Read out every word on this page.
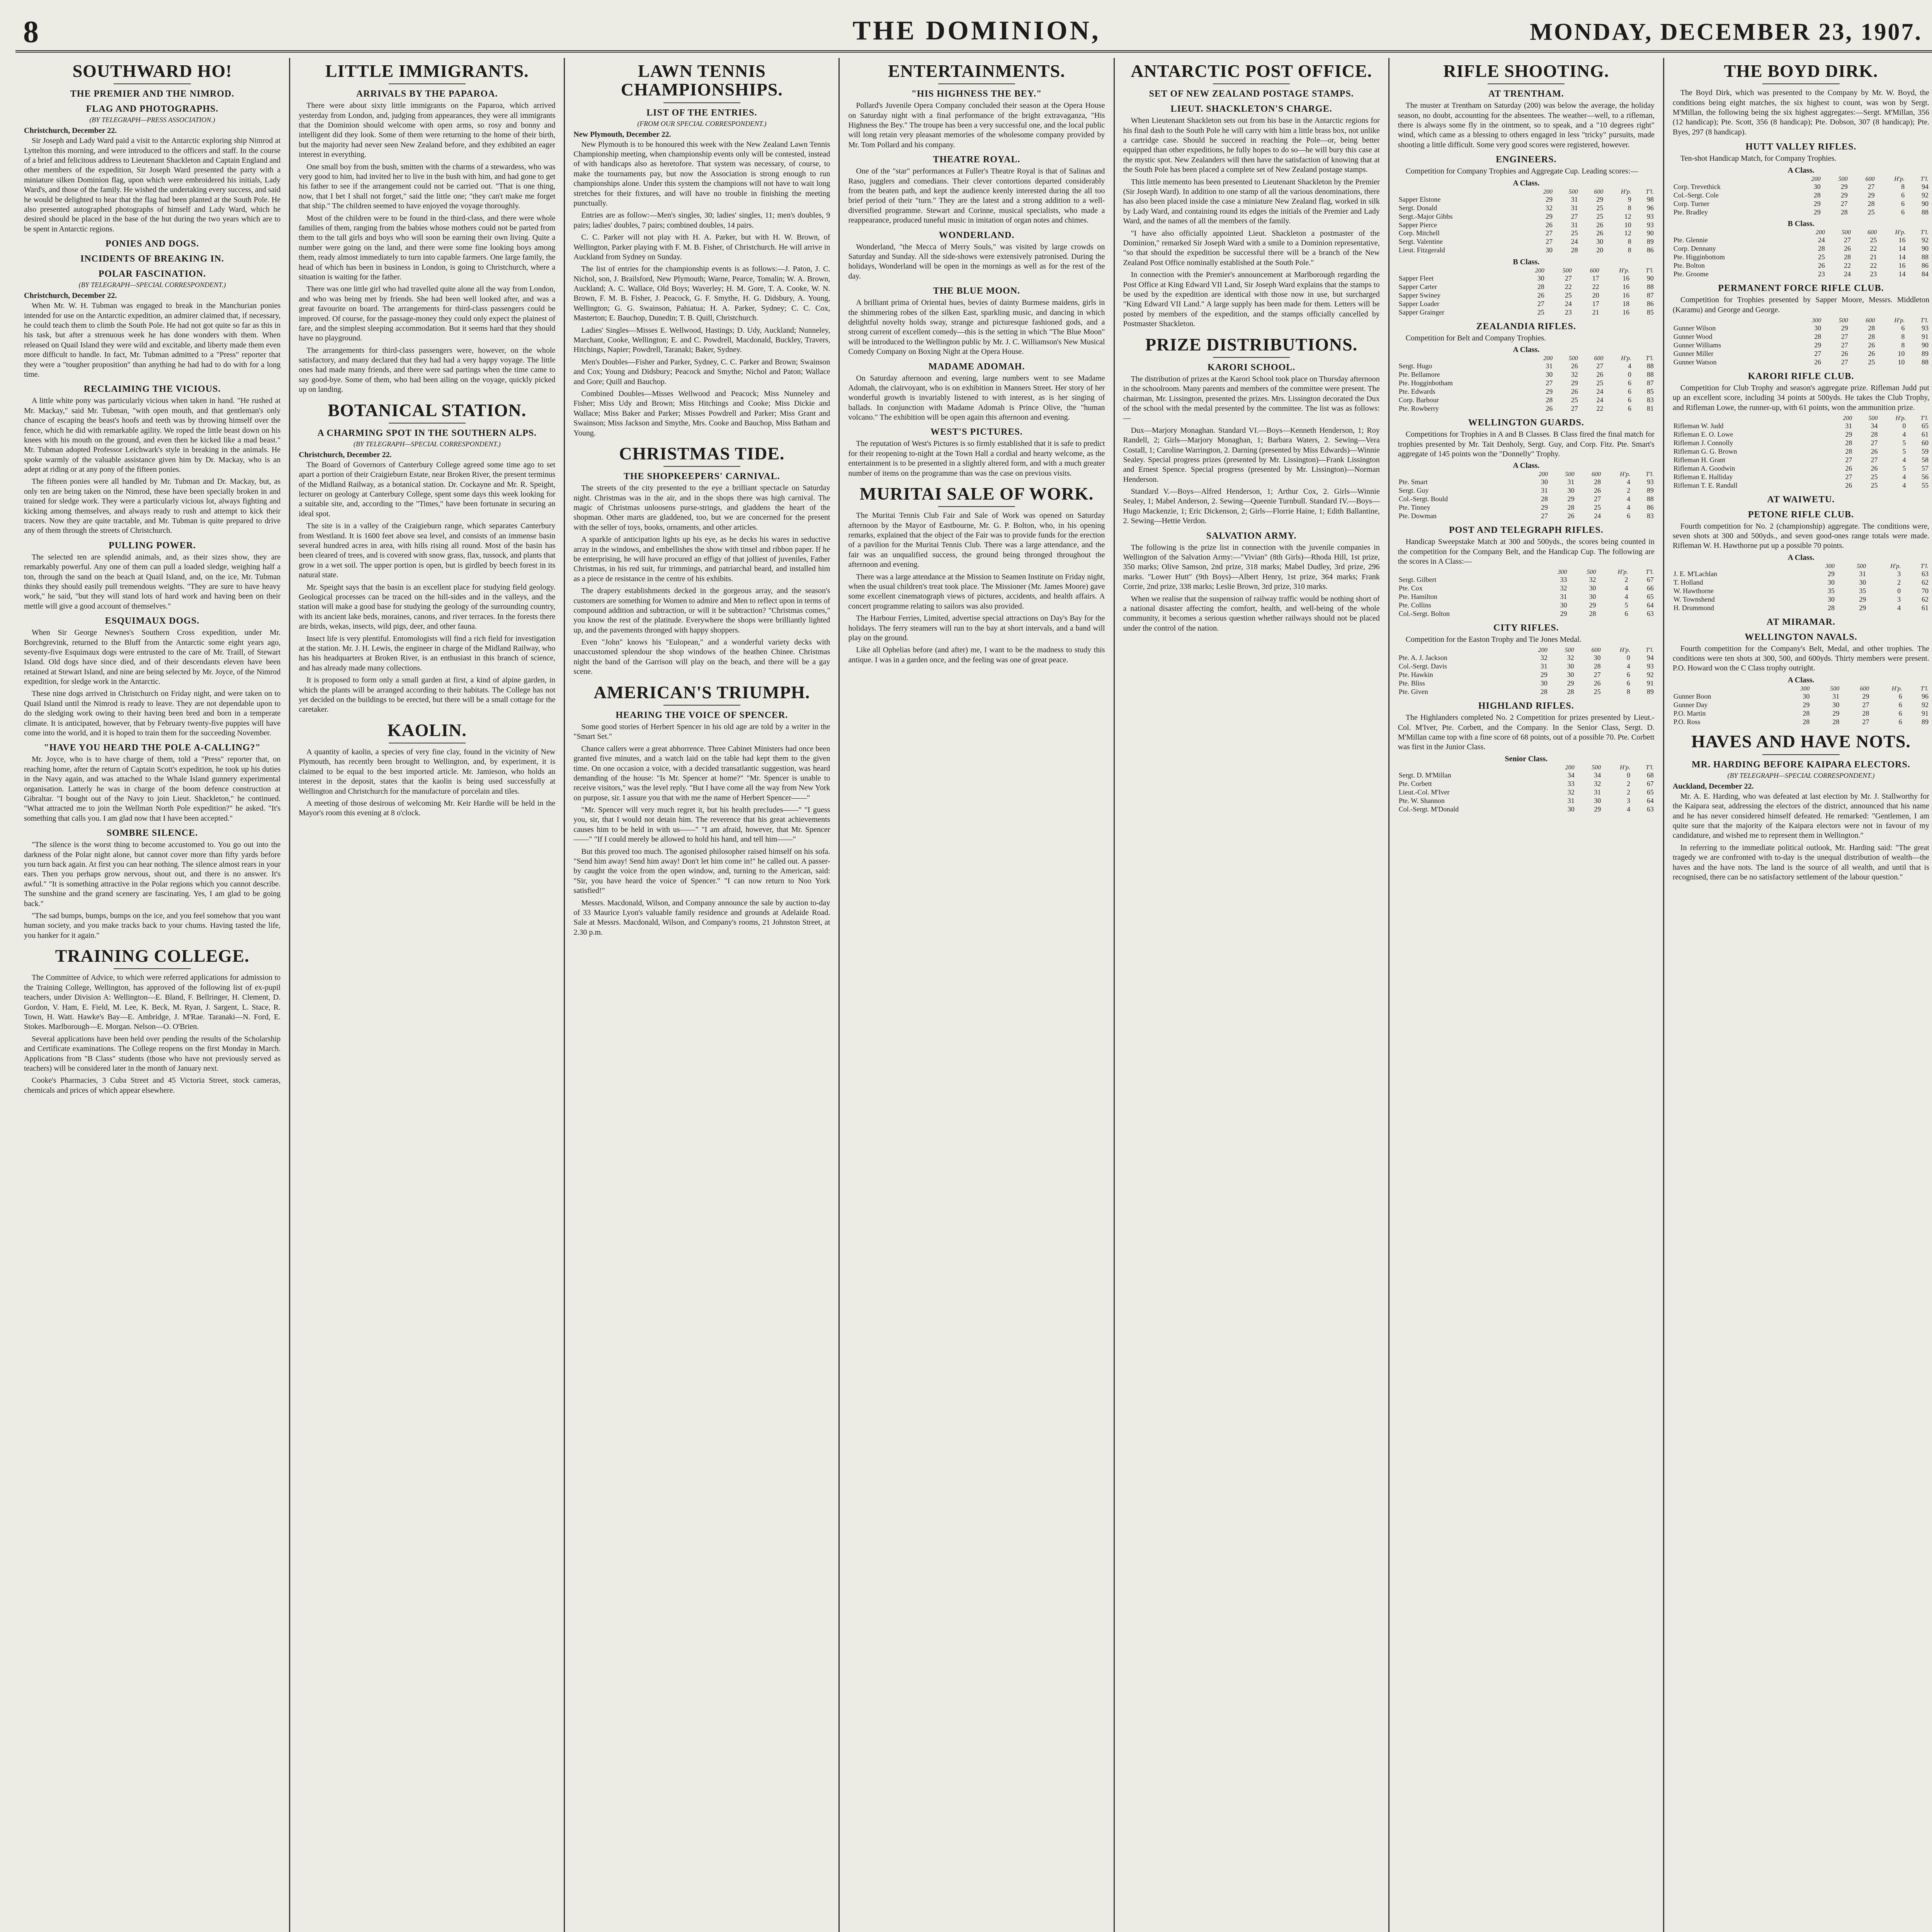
8	THE DOMINION,	MONDAY, DECEMBER 23, 1907.
SOUTHWARD HO!
THE PREMIER AND THE NIMROD.
FLAG AND PHOTOGRAPHS.
(BY TELEGRAPH—PRESS ASSOCIATION.)
Christchurch, December 22.

Sir Joseph and Lady Ward paid a visit to the Antarctic exploring ship Nimrod at Lyttelton this morning, and were introduced to the officers and staff. In the course of a brief and felicitous address to Lieutenant Shackleton and Captain England and other members of the expedition, Sir Joseph Ward presented the party with a miniature silken Dominion flag, upon which were embroidered his initials, Lady Ward's, and those of the family. He wished the undertaking every success, and said he would be delighted to hear that the flag had been planted at the South Pole. He also presented autographed photographs of himself and Lady Ward, which he desired should be placed in the base of the hut during the two years which are to be spent in Antarctic regions.

PONIES AND DOGS.
INCIDENTS OF BREAKING IN.
POLAR FASCINATION.
(BY TELEGRAPH—SPECIAL CORRESPONDENT.)
Christchurch, December 22.

When Mr. W. H. Tubman was engaged to break in the Manchurian ponies intended for use on the Antarctic expedition, an admirer claimed that, if necessary, he could teach them to climb the South Pole. He had not got quite so far as this in his task, but after a strenuous week he has done wonders with them. When released on Quail Island they were wild and excitable, and liberty made them even more difficult to handle. In fact, Mr. Tubman admitted to a "Press" reporter that they were a "tougher proposition" than anything he had had to do with for a long time.

RECLAIMING THE VICIOUS.

A little white pony was particularly vicious when taken in hand. "He rushed at Mr. Mackay," said Mr. Tubman, "with open mouth, and that gentleman's only chance of escaping the beast's hoofs and teeth was by throwing himself over the fence, which he did with remarkable agility. We roped the little beast down on his knees with his mouth on the ground, and even then he kicked like a mad beast." Mr. Tubman adopted Professor Leichwark's style in breaking in the animals. He spoke warmly of the valuable assistance given him by Dr. Mackay, who is an adept at riding or at any pony of the fifteen ponies.

The fifteen ponies were all handled by Mr. Tubman and Dr. Mackay, but, as only ten are being taken on the Nimrod, these have been specially broken in and trained for sledge work. They were a particularly vicious lot, always fighting and kicking among themselves, and always ready to rush and attempt to kick their tracers. Now they are quite tractable, and Mr. Tubman is quite prepared to drive any of them through the streets of Christchurch.

PULLING POWER.

The selected ten are splendid animals, and, as their sizes show, they are remarkably powerful. Any one of them can pull a loaded sledge, weighing half a ton, through the sand on the beach at Quail Island, and, on the ice, Mr. Tubman thinks they should easily pull tremendous weights. "They are sure to have heavy work," he said, "but they will stand lots of hard work and having been on their mettle will give a good account of themselves."

ESQUIMAUX DOGS.

When Sir George Newnes's Southern Cross expedition, under Mr. Borchgrevink, returned to the Bluff from the Antarctic some eight years ago, seventy-five Esquimaux dogs were entrusted to the care of Mr. Traill, of Stewart Island. Old dogs have since died, and of their descendants eleven have been retained at Stewart Island, and nine are being selected by Mr. Joyce, of the Nimrod expedition, for sledge work in the Antarctic.

These nine dogs arrived in Christchurch on Friday night, and were taken on to Quail Island until the Nimrod is ready to leave. They are not dependable upon to do the sledging work owing to their having been bred and born in a temperate climate. It is anticipated, however, that by February twenty-five puppies will have come into the world, and it is hoped to train them for the succeeding November.

"HAVE YOU HEARD THE POLE A-CALLING?"

Mr. Joyce, who is to have charge of them, told a "Press" reporter that, on reaching home, after the return of Captain Scott's expedition, he took up his duties in the Navy again, and was attached to the Whale Island gunnery experimental organisation. Latterly he was in charge of the boom defence construction at Gibraltar. "I bought out of the Navy to join Lieut. Shackleton," he continued. "What attracted me to join the Wellman North Pole expedition?" he asked. "It's something that calls you. I am glad now that I have been accepted."

SOMBRE SILENCE.

"The silence is the worst thing to become accustomed to. You go out into the darkness of the Polar night alone, but cannot cover more than fifty yards before you turn back again. At first you can hear nothing. The silence almost rears in your ears. Then you perhaps grow nervous, shout out, and there is no answer. It's awful." "It is something attractive in the Polar regions which you cannot describe. The sunshine and the grand scenery are fascinating. Yes, I am glad to be going back."

"The sad bumps, bumps, bumps on the ice, and you feel somehow that you want human society, and you make tracks back to your chums. Having tasted the life, you hanker for it again."

TRAINING COLLEGE.

The Committee of Advice, to which were referred applications for admission to the Training College, Wellington, has approved of the following list of ex-pupil teachers, under Division A: Wellington—E. Bland, F. Bellringer, H. Clement, D. Gordon, V. Ham, E. Field, M. Lee, K. Beck, M. Ryan, J. Sargent, L. Stace, R. Town, H. Watt. Hawke's Bay—E. Ambridge, J. M'Rae. Taranaki—N. Ford, E. Stokes. Marlborough—E. Morgan. Nelson—O. O'Brien.

Several applications have been held over pending the results of the Scholarship and Certificate examinations. The College reopens on the first Monday in March. Applications from "B Class" students (those who have not previously served as teachers) will be considered later in the month of January next.

Cooke's Pharmacies, 3 Cuba Street and 45 Victoria Street, stock cameras, chemicals and prices of which appear elsewhere.

LITTLE IMMIGRANTS.
ARRIVALS BY THE PAPAROA.

There were about sixty little immigrants on the Paparoa, which arrived yesterday from London, and, judging from appearances, they were all immigrants that the Dominion should welcome with open arms, so rosy and bonny and intelligent did they look. Some of them were returning to the home of their birth, but the majority had never seen New Zealand before, and they exhibited an eager interest in everything.

One small boy from the bush, smitten with the charms of a stewardess, who was very good to him, had invited her to live in the bush with him, and had gone to get his father to see if the arrangement could not be carried out. "That is one thing, now, that I bet I shall not forget," said the little one; "they can't make me forget that ship." The children seemed to have enjoyed the voyage thoroughly.

Most of the children were to be found in the third-class, and there were whole families of them, ranging from the babies whose mothers could not be parted from them to the tall girls and boys who will soon be earning their own living. Quite a number were going on the land, and there were some fine looking boys among them, ready almost immediately to turn into capable farmers. One large family, the head of which has been in business in London, is going to Christchurch, where a situation is waiting for the father.

There was one little girl who had travelled quite alone all the way from London, and who was being met by friends. She had been well looked after, and was a great favourite on board. The arrangements for third-class passengers could be improved. Of course, for the passage-money they could only expect the plainest of fare, and the simplest sleeping accommodation. But it seems hard that they should have no playground.

The arrangements for third-class passengers were, however, on the whole satisfactory, and many declared that they had had a very happy voyage. The little ones had made many friends, and there were sad partings when the time came to say good-bye. Some of them, who had been ailing on the voyage, quickly picked up on landing.

BOTANICAL STATION.
A CHARMING SPOT IN THE SOUTHERN ALPS.
(BY TELEGRAPH—SPECIAL CORRESPONDENT.)
Christchurch, December 22.

The Board of Governors of Canterbury College agreed some time ago to set apart a portion of their Craigieburn Estate, near Broken River, the present terminus of the Midland Railway, as a botanical station. Dr. Cockayne and Mr. R. Speight, lecturer on geology at Canterbury College, spent some days this week looking for a suitable site, and, according to the "Times," have been fortunate in securing an ideal spot.

The site is in a valley of the Craigieburn range, which separates Canterbury from Westland. It is 1600 feet above sea level, and consists of an immense basin several hundred acres in area, with hills rising all round. Most of the basin has been cleared of trees, and is covered with snow grass, flax, tussock, and plants that grow in a wet soil. The upper portion is open, but is girdled by beech forest in its natural state.

Mr. Speight says that the basin is an excellent place for studying field geology. Geological processes can be traced on the hill-sides and in the valleys, and the station will make a good base for studying the geology of the surrounding country, with its ancient lake beds, moraines, canons, and river terraces. In the forests there are birds, wekas, insects, wild pigs, deer, and other fauna.

Insect life is very plentiful. Entomologists will find a rich field for investigation at the station. Mr. J. H. Lewis, the engineer in charge of the Midland Railway, who has his headquarters at Broken River, is an enthusiast in this branch of science, and has already made many collections.

It is proposed to form only a small garden at first, a kind of alpine garden, in which the plants will be arranged according to their habitats. The College has not yet decided on the buildings to be erected, but there will be a small cottage for the caretaker.

KAOLIN.

A quantity of kaolin, a species of very fine clay, found in the vicinity of New Plymouth, has recently been brought to Wellington, and, by experiment, it is claimed to be equal to the best imported article. Mr. Jamieson, who holds an interest in the deposit, states that the kaolin is being used successfully at Wellington and Christchurch for the manufacture of porcelain and tiles.

A meeting of those desirous of welcoming Mr. Keir Hardie will be held in the Mayor's room this evening at 8 o'clock.

LAWN TENNIS CHAMPIONSHIPS.
LIST OF THE ENTRIES.
(FROM OUR SPECIAL CORRESPONDENT.)
New Plymouth, December 22.

New Plymouth is to be honoured this week with the New Zealand Lawn Tennis Championship meeting, when championship events only will be contested, instead of with handicaps also as heretofore. That system was necessary, of course, to make the tournaments pay, but now the Association is strong enough to run championships alone. Under this system the champions will not have to wait long stretches for their fixtures, and will have no trouble in finishing the meeting punctually.

Entries are as follow:—Men's singles, 30; ladies' singles, 11; men's doubles, 9 pairs; ladies' doubles, 7 pairs; combined doubles, 14 pairs.

C. C. Parker will not play with H. A. Parker, but with H. W. Brown, of Wellington, Parker playing with F. M. B. Fisher, of Christchurch. He will arrive in Auckland from Sydney on Sunday.

The list of entries for the championship events is as follows:—J. Paton, J. C. Nichol, son, J. Brailsford, New Plymouth; Warne, Pearce, Tomalin; W. A. Brown, Auckland; A. C. Wallace, Old Boys; Waverley; H. M. Gore, T. A. Cooke, W. N. Brown, F. M. B. Fisher, J. Peacock, G. F. Smythe, H. G. Didsbury, A. Young, Wellington; G. G. Swainson, Pahiatua; H. A. Parker, Sydney; C. C. Cox, Masterton; E. Bauchop, Dunedin; T. B. Quill, Christchurch.

Ladies' Singles—Misses E. Wellwood, Hastings; D. Udy, Auckland; Nunneley, Marchant, Cooke, Wellington; E. and C. Powdrell, Macdonald, Buckley, Travers, Hitchings, Napier; Powdrell, Taranaki; Baker, Sydney.

Men's Doubles—Fisher and Parker, Sydney, C. C. Parker and Brown; Swainson and Cox; Young and Didsbury; Peacock and Smythe; Nichol and Paton; Wallace and Gore; Quill and Bauchop.

Combined Doubles—Misses Wellwood and Peacock; Miss Nunneley and Fisher; Miss Udy and Brown; Miss Hitchings and Cooke; Miss Dickie and Wallace; Miss Baker and Parker; Misses Powdrell and Parker; Miss Grant and Swainson; Miss Jackson and Smythe, Mrs. Cooke and Bauchop, Miss Batham and Young.

CHRISTMAS TIDE.
THE SHOPKEEPERS' CARNIVAL.

The streets of the city presented to the eye a brilliant spectacle on Saturday night. Christmas was in the air, and in the shops there was high carnival. The magic of Christmas unloosens purse-strings, and gladdens the heart of the shopman. Other marts are gladdened, too, but we are concerned for the present with the seller of toys, books, ornaments, and other articles.

A sparkle of anticipation lights up his eye, as he decks his wares in seductive array in the windows, and embellishes the show with tinsel and ribbon paper. If he be enterprising, he will have procured an effigy of that jolliest of juveniles, Father Christmas, in his red suit, fur trimmings, and patriarchal beard, and installed him as a piece de resistance in the centre of his exhibits.

The drapery establishments decked in the gorgeous array, and the season's customers are something for Women to admire and Men to reflect upon in terms of compound addition and subtraction, or will it be subtraction? "Christmas comes," you know the rest of the platitude. Everywhere the shops were brilliantly lighted up, and the pavements thronged with happy shoppers.

Even "John" knows his "Eulopean," and a wonderful variety decks with unaccustomed splendour the shop windows of the heathen Chinee. Christmas night the band of the Garrison will play on the beach, and there will be a gay scene.

AMERICAN'S TRIUMPH.
HEARING THE VOICE OF SPENCER.

Some good stories of Herbert Spencer in his old age are told by a writer in the "Smart Set."

Chance callers were a great abhorrence. Three Cabinet Ministers had once been granted five minutes, and a watch laid on the table had kept them to the given time. On one occasion a voice, with a decided transatlantic suggestion, was heard demanding of the house: "Is Mr. Spencer at home?" "Mr. Spencer is unable to receive visitors," was the level reply. "But I have come all the way from New York on purpose, sir. I assure you that with me the name of Herbert Spencer——"

"Mr. Spencer will very much regret it, but his health precludes——" "I guess you, sir, that I would not detain him. The reverence that his great achievements causes him to be held in with us——" "I am afraid, however, that Mr. Spencer——" "If I could merely be allowed to hold his hand, and tell him——"

But this proved too much. The agonised philosopher raised himself on his sofa. "Send him away! Send him away! Don't let him come in!" he called out. A passer-by caught the voice from the open window, and, turning to the American, said: "Sir, you have heard the voice of Spencer." "I can now return to Noo York satisfied!"

Messrs. Macdonald, Wilson, and Company announce the sale by auction to-day of 33 Maurice Lyon's valuable family residence and grounds at Adelaide Road. Sale at Messrs. Macdonald, Wilson, and Company's rooms, 21 Johnston Street, at 2.30 p.m.

ENTERTAINMENTS.
"HIS HIGHNESS THE BEY."

Pollard's Juvenile Opera Company concluded their season at the Opera House on Saturday night with a final performance of the bright extravaganza, "His Highness the Bey." The troupe has been a very successful one, and the local public will long retain very pleasant memories of the wholesome company provided by Mr. Tom Pollard and his company.

THEATRE ROYAL.

One of the "star" performances at Fuller's Theatre Royal is that of Salinas and Raso, jugglers and comedians. Their clever contortions departed considerably from the beaten path, and kept the audience keenly interested during the all too brief period of their "turn." They are the latest and a strong addition to a well-diversified programme. Stewart and Corinne, musical specialists, who made a reappearance, produced tuneful music in imitation of organ notes and chimes.

WONDERLAND.

Wonderland, "the Mecca of Merry Souls," was visited by large crowds on Saturday and Sunday. All the side-shows were extensively patronised. During the holidays, Wonderland will be open in the mornings as well as for the rest of the day.

THE BLUE MOON.

A brilliant prima of Oriental hues, bevies of dainty Burmese maidens, girls in the shimmering robes of the silken East, sparkling music, and dancing in which delightful novelty holds sway, strange and picturesque fashioned gods, and a strong current of excellent comedy—this is the setting in which "The Blue Moon" will be introduced to the Wellington public by Mr. J. C. Williamson's New Musical Comedy Company on Boxing Night at the Opera House.

MADAME ADOMAH.

On Saturday afternoon and evening, large numbers went to see Madame Adomah, the clairvoyant, who is on exhibition in Manners Street. Her story of her wonderful growth is invariably listened to with interest, as is her singing of ballads. In conjunction with Madame Adomah is Prince Olive, the "human volcano." The exhibition will be open again this afternoon and evening.

WEST'S PICTURES.

The reputation of West's Pictures is so firmly established that it is safe to predict for their reopening to-night at the Town Hall a cordial and hearty welcome, as the entertainment is to be presented in a slightly altered form, and with a much greater number of items on the programme than was the case on previous visits.

MURITAI SALE OF WORK.

The Muritai Tennis Club Fair and Sale of Work was opened on Saturday afternoon by the Mayor of Eastbourne, Mr. G. P. Bolton, who, in his opening remarks, explained that the object of the Fair was to provide funds for the erection of a pavilion for the Muritai Tennis Club. There was a large attendance, and the fair was an unqualified success, the ground being thronged throughout the afternoon and evening.

There was a large attendance at the Mission to Seamen Institute on Friday night, when the usual children's treat took place. The Missioner (Mr. James Moore) gave some excellent cinematograph views of pictures, accidents, and health affairs. A concert programme relating to sailors was also provided.

The Harbour Ferries, Limited, advertise special attractions on Day's Bay for the holidays. The ferry steamers will run to the bay at short intervals, and a band will play on the ground.

Like all Ophelias before (and after) me, I want to be the madness to study this antique. I was in a garden once, and the feeling was one of great peace.

ANTARCTIC POST OFFICE.
SET OF NEW ZEALAND POSTAGE STAMPS.
LIEUT. SHACKLETON'S CHARGE.

When Lieutenant Shackleton sets out from his base in the Antarctic regions for his final dash to the South Pole he will carry with him a little brass box, not unlike a cartridge case. Should he succeed in reaching the Pole—or, being better equipped than other expeditions, he fully hopes to do so—he will bury this case at the mystic spot. New Zealanders will then have the satisfaction of knowing that at the South Pole has been placed a complete set of New Zealand postage stamps.

This little memento has been presented to Lieutenant Shackleton by the Premier (Sir Joseph Ward). In addition to one stamp of all the various denominations, there has also been placed inside the case a miniature New Zealand flag, worked in silk by Lady Ward, and containing round its edges the initials of the Premier and Lady Ward, and the names of all the members of the family.

"I have also officially appointed Lieut. Shackleton a postmaster of the Dominion," remarked Sir Joseph Ward with a smile to a Dominion representative, "so that should the expedition be successful there will be a branch of the New Zealand Post Office nominally established at the South Pole."

In connection with the Premier's announcement at Marlborough regarding the Post Office at King Edward VII Land, Sir Joseph Ward explains that the stamps to be used by the expedition are identical with those now in use, but surcharged "King Edward VII Land." A large supply has been made for them. Letters will be posted by members of the expedition, and the stamps officially cancelled by Postmaster Shackleton.

PRIZE DISTRIBUTIONS.
KARORI SCHOOL.

The distribution of prizes at the Karori School took place on Thursday afternoon in the schoolroom. Many parents and members of the committee were present. The chairman, Mr. Lissington, presented the prizes. Mrs. Lissington decorated the Dux of the school with the medal presented by the committee. The list was as follows:—

Dux—Marjory Monaghan. Standard VI.—Boys—Kenneth Henderson, 1; Roy Randell, 2; Girls—Marjory Monaghan, 1; Barbara Waters, 2. Sewing—Vera Costall, 1; Caroline Warrington, 2. Darning (presented by Miss Edwards)—Winnie Sealey. Special progress prizes (presented by Mr. Lissington)—Frank Lissington and Ernest Spence. Special progress (presented by Mr. Lissington)—Norman Henderson.

Standard V.—Boys—Alfred Henderson, 1; Arthur Cox, 2. Girls—Winnie Sealey, 1; Mabel Anderson, 2. Sewing—Queenie Turnbull. Standard IV.—Boys—Hugo Mackenzie, 1; Eric Dickenson, 2; Girls—Florrie Haine, 1; Edith Ballantine, 2. Sewing—Hettie Verdon.

SALVATION ARMY.

The following is the prize list in connection with the juvenile companies in Wellington of the Salvation Army:—"Vivian" (8th Girls)—Rhoda Hill, 1st prize, 350 marks; Olive Samson, 2nd prize, 318 marks; Mabel Dudley, 3rd prize, 296 marks. "Lower Hutt" (9th Boys)—Albert Henry, 1st prize, 364 marks; Frank Corrie, 2nd prize, 338 marks; Leslie Brown, 3rd prize, 310 marks.

When we realise that the suspension of railway traffic would be nothing short of a national disaster affecting the comfort, health, and well-being of the whole community, it becomes a serious question whether railways should not be placed under the control of the nation.

RIFLE SHOOTING.
AT TRENTHAM.

The muster at Trentham on Saturday (200) was below the average, the holiday season, no doubt, accounting for the absentees. The weather—well, to a rifleman, there is always some fly in the ointment, so to speak, and a "10 degrees right" wind, which came as a blessing to others engaged in less "tricky" pursuits, made shooting a little difficult. Some very good scores were registered, however.

ENGINEERS.

Competition for Company Trophies and Aggregate Cup. Leading scores:—

A Class.
	200	500	600	H'p.	T'l.
Sapper Elstone	29	31	29	9	98
Sergt. Donald	32	31	25	8	96
Sergt.-Major Gibbs	29	27	25	12	93
Sapper Pierce	26	31	26	10	93
Corp. Mitchell	27	25	26	12	90
Sergt. Valentine	27	24	30	8	89
Lieut. Fitzgerald	30	28	20	8	86
B Class.
	200	500	600	H'p.	T'l.
Sapper Fleet	30	27	17	16	90
Sapper Carter	28	22	22	16	88
Sapper Swiney	26	25	20	16	87
Sapper Loader	27	24	17	18	86
Sapper Grainger	25	23	21	16	85
ZEALANDIA RIFLES.

Competition for Belt and Company Trophies.

A Class.
	200	500	600	H'p.	T'l.
Sergt. Hugo	31	26	27	4	88
Pte. Bellamore	30	32	26	0	88
Pte. Hogginbotham	27	29	25	6	87
Pte. Edwards	29	26	24	6	85
Corp. Barbour	28	25	24	6	83
Pte. Rowberry	26	27	22	6	81
WELLINGTON GUARDS.

Competitions for Trophies in A and B Classes. B Class fired the final match for trophies presented by Mr. Tait Denholy, Sergt. Guy, and Corp. Fitz. Pte. Smart's aggregate of 145 points won the "Donnelly" Trophy.

A Class.
	200	500	600	H'p.	T'l.
Pte. Smart	30	31	28	4	93
Sergt. Guy	31	30	26	2	89
Col.-Sergt. Bould	28	29	27	4	88
Pte. Tinney	29	28	25	4	86
Pte. Dowman	27	26	24	6	83
POST AND TELEGRAPH RIFLES.

Handicap Sweepstake Match at 300 and 500yds., the scores being counted in the competition for the Company Belt, and the Handicap Cup. The following are the scores in A Class:—

	300	500	H'p.	T'l.
Sergt. Gilbert	33	32	2	67
Pte. Cox	32	30	4	66
Pte. Hamilton	31	30	4	65
Pte. Collins	30	29	5	64
Col.-Sergt. Bolton	29	28	6	63
CITY RIFLES.

Competition for the Easton Trophy and Tie Jones Medal.

	200	500	600	H'p.	T'l.
Pte. A. J. Jackson	32	32	30	0	94
Col.-Sergt. Davis	31	30	28	4	93
Pte. Hawkin	29	30	27	6	92
Pte. Bliss	30	29	26	6	91
Pte. Given	28	28	25	8	89
HIGHLAND RIFLES.

The Highlanders completed No. 2 Competition for prizes presented by Lieut.-Col. M'Iver, Pte. Corbett, and the Company. In the Senior Class, Sergt. D. M'Millan came top with a fine score of 68 points, out of a possible 70. Pte. Corbett was first in the Junior Class.

Senior Class.
	200	500	H'p.	T'l.
Sergt. D. M'Millan	34	34	0	68
Pte. Corbett	33	32	2	67
Lieut.-Col. M'Iver	32	31	2	65
Pte. W. Shannon	31	30	3	64
Col.-Sergt. M'Donald	30	29	4	63
THE BOYD DIRK.

The Boyd Dirk, which was presented to the Company by Mr. W. Boyd, the conditions being eight matches, the six highest to count, was won by Sergt. M'Millan, the following being the six highest aggregates:—Sergt. M'Millan, 356 (12 handicap); Pte. Scott, 356 (8 handicap); Pte. Dobson, 307 (8 handicap); Pte. Byes, 297 (8 handicap).

HUTT VALLEY RIFLES.

Ten-shot Handicap Match, for Company Trophies.

A Class.
	200	500	600	H'p.	T'l.
Corp. Trevethick	30	29	27	8	94
Col.-Sergt. Cole	28	29	29	6	92
Corp. Turner	29	27	28	6	90
Pte. Bradley	29	28	25	6	88
B Class.
	200	500	600	H'p.	T'l.
Pte. Glennie	24	27	25	16	92
Corp. Dennany	28	26	22	14	90
Pte. Higginbottom	25	28	21	14	88
Pte. Bolton	26	22	22	16	86
Pte. Groome	23	24	23	14	84
PERMANENT FORCE RIFLE CLUB.

Competition for Trophies presented by Sapper Moore, Messrs. Middleton (Karamu) and George and George.

	300	500	600	H'p.	T'l.
Gunner Wilson	30	29	28	6	93
Gunner Wood	28	27	28	8	91
Gunner Williams	29	27	26	8	90
Gunner Miller	27	26	26	10	89
Gunner Watson	26	27	25	10	88
KARORI RIFLE CLUB.

Competition for Club Trophy and season's aggregate prize. Rifleman Judd put up an excellent score, including 34 points at 500yds. He takes the Club Trophy, and Rifleman Lowe, the runner-up, with 61 points, won the ammunition prize.

	200	500	H'p.	T'l.
Rifleman W. Judd	31	34	0	65
Rifleman E. O. Lowe	29	28	4	61
Rifleman J. Connolly	28	27	5	60
Rifleman G. G. Brown	28	26	5	59
Rifleman H. Grant	27	27	4	58
Rifleman A. Goodwin	26	26	5	57
Rifleman E. Halliday	27	25	4	56
Rifleman T. E. Randall	26	25	4	55
AT WAIWETU.
PETONE RIFLE CLUB.

Fourth competition for No. 2 (championship) aggregate. The conditions were, seven shots at 300 and 500yds., and seven good-ones range totals were made. Rifleman W. H. Hawthorne put up a possible 70 points.

A Class.
	300	500	H'p.	T'l.
J. E. M'Lachlan	29	31	3	63
T. Holland	30	30	2	62
W. Hawthorne	35	35	0	70
W. Townshend	30	29	3	62
H. Drummond	28	29	4	61
AT MIRAMAR.
WELLINGTON NAVALS.

Fourth competition for the Company's Belt, Medal, and other trophies. The conditions were ten shots at 300, 500, and 600yds. Thirty members were present. P.O. Howard won the C Class trophy outright.

A Class.
	300	500	600	H'p.	T'l.
Gunner Boon	30	31	29	6	96
Gunner Day	29	30	27	6	92
P.O. Martin	28	29	28	6	91
P.O. Ross	28	28	27	6	89
HAVES AND HAVE NOTS.
MR. HARDING BEFORE KAIPARA ELECTORS.
(BY TELEGRAPH—SPECIAL CORRESPONDENT.)
Auckland, December 22.

Mr. A. E. Harding, who was defeated at last election by Mr. J. Stallworthy for the Kaipara seat, addressing the electors of the district, announced that his name and he has never considered himself defeated. He remarked: "Gentlemen, I am quite sure that the majority of the Kaipara electors were not in favour of my candidature, and wished me to represent them in Wellington."

In referring to the immediate political outlook, Mr. Harding said: "The great tragedy we are confronted with to-day is the unequal distribution of wealth—the haves and the have nots. The land is the source of all wealth, and until that is recognised, there can be no satisfactory settlement of the labour question."
